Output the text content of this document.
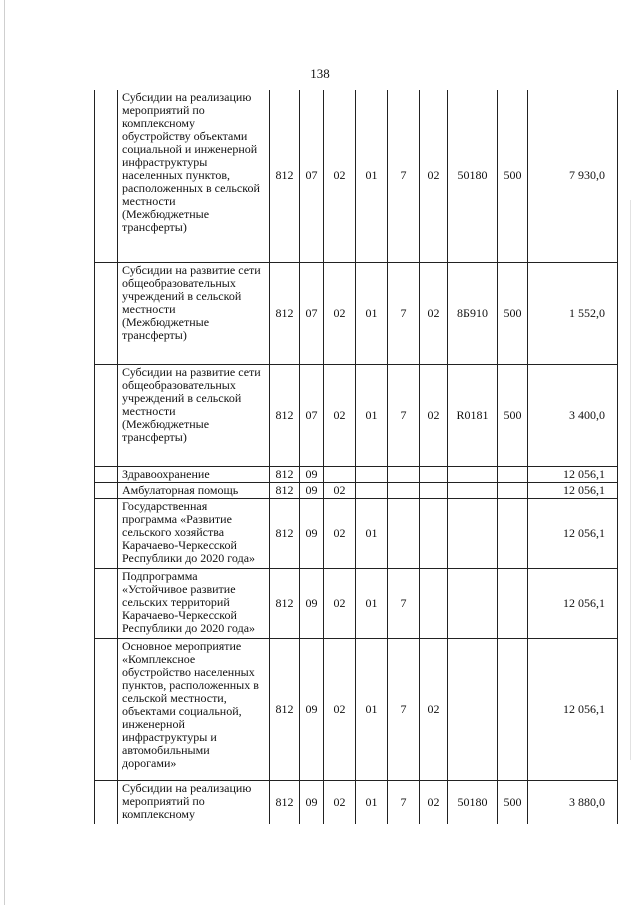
138
	Субсидии на реализацию мероприятий по комплексному обустройству объектами социальной и инженерной инфраструктуры населенных пунктов, расположенных в сельской местности (Межбюджетные трансферты)	812	07	02	01	7	02	50180	500	7 930,0
	Субсидии на развитие сети общеобразовательных учреждений в сельской местности (Межбюджетные трансферты)	812	07	02	01	7	02	8Б910	500	1 552,0
	Субсидии на развитие сети общеобразовательных учреждений в сельской местности (Межбюджетные трансферты)	812	07	02	01	7	02	R0181	500	3 400,0
	Здравоохранение	812	09							12 056,1
	Амбулаторная помощь	812	09	02						12 056,1
	Государственная программа «Развитие сельского хозяйства Карачаево-Черкесской Республики до 2020 года»	812	09	02	01					12 056,1
	Подпрограмма «Устойчивое развитие сельских территорий Карачаево-Черкесской Республики до 2020 года»	812	09	02	01	7				12 056,1
	Основное мероприятие «Комплексное обустройство населенных пунктов, расположенных в сельской местности, объектами социальной, инженерной инфраструктуры и автомобильными дорогами»	812	09	02	01	7	02			12 056,1
	Субсидии на реализацию мероприятий по комплексному	812	09	02	01	7	02	50180	500	3 880,0
